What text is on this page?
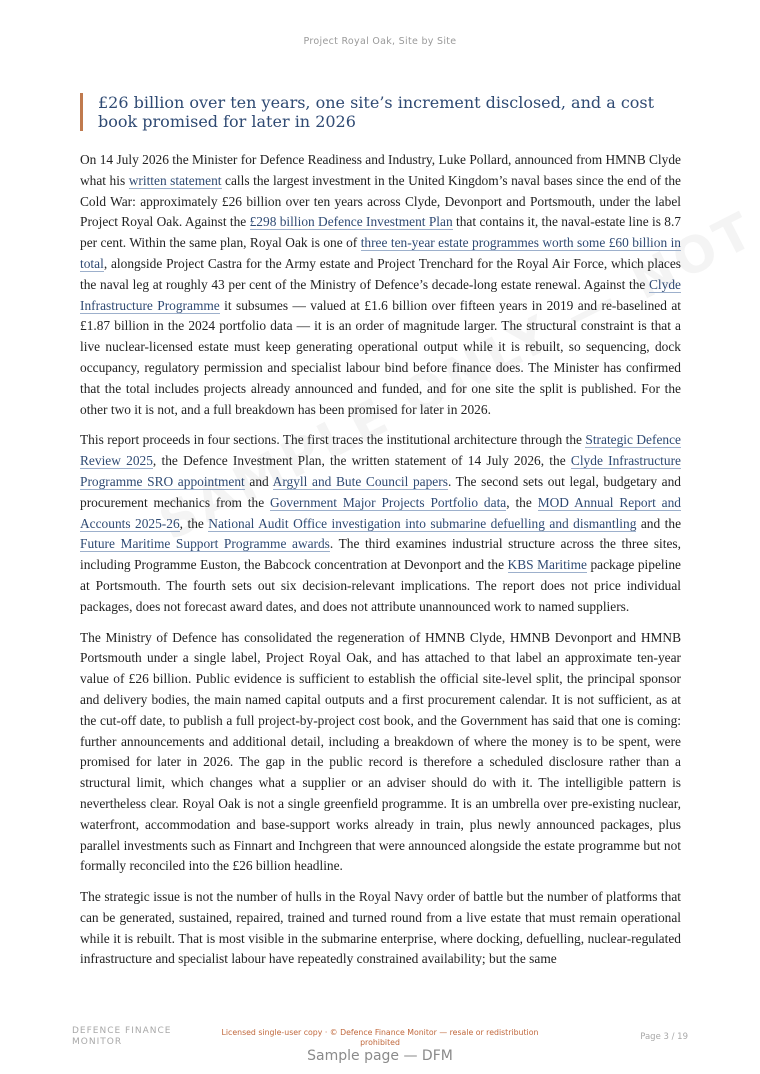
Project Royal Oak, Site by Site
£26 billion over ten years, one site’s increment disclosed, and a cost book promised for later in 2026

On 14 July 2026 the Minister for Defence Readiness and Industry, Luke Pollard, announced from HMNB Clyde what his written statement calls the largest investment in the United Kingdom’s naval bases since the end of the Cold War: approximately £26 billion over ten years across Clyde, Devonport and Portsmouth, under the label Project Royal Oak. Against the £298 billion Defence Investment Plan that contains it, the naval-estate line is 8.7 per cent. Within the same plan, Royal Oak is one of three ten-year estate programmes worth some £60 billion in total, alongside Project Castra for the Army estate and Project Trenchard for the Royal Air Force, which places the naval leg at roughly 43 per cent of the Ministry of Defence’s decade-long estate renewal. Against the Clyde Infrastructure Programme it subsumes — valued at £1.6 billion over fifteen years in 2019 and re-baselined at £1.87 billion in the 2024 portfolio data — it is an order of magnitude larger. The structural constraint is that a live nuclear-licensed estate must keep generating operational output while it is rebuilt, so sequencing, dock occupancy, regulatory permission and specialist labour bind before finance does. The Minister has confirmed that the total includes projects already announced and funded, and for one site the split is published. For the other two it is not, and a full breakdown has been promised for later in 2026.

This report proceeds in four sections. The first traces the institutional architecture through the Strategic Defence Review 2025, the Defence Investment Plan, the written statement of 14 July 2026, the Clyde Infrastructure Programme SRO appointment and Argyll and Bute Council papers. The second sets out legal, budgetary and procurement mechanics from the Government Major Projects Portfolio data, the MOD Annual Report and Accounts 2025-26, the National Audit Office investigation into submarine defuelling and dismantling and the Future Maritime Support Programme awards. The third examines industrial structure across the three sites, including Programme Euston, the Babcock concentration at Devonport and the KBS Maritime package pipeline at Portsmouth. The fourth sets out six decision-relevant implications. The report does not price individual packages, does not forecast award dates, and does not attribute unannounced work to named suppliers.

The Ministry of Defence has consolidated the regeneration of HMNB Clyde, HMNB Devonport and HMNB Portsmouth under a single label, Project Royal Oak, and has attached to that label an approximate ten-year value of £26 billion. Public evidence is sufficient to establish the official site-level split, the principal sponsor and delivery bodies, the main named capital outputs and a first procurement calendar. It is not sufficient, as at the cut-off date, to publish a full project-by-project cost book, and the Government has said that one is coming: further announcements and additional detail, including a breakdown of where the money is to be spent, were promised for later in 2026. The gap in the public record is therefore a scheduled disclosure rather than a structural limit, which changes what a supplier or an adviser should do with it. The intelligible pattern is nevertheless clear. Royal Oak is not a single greenfield programme. It is an umbrella over pre-existing nuclear, waterfront, accommodation and base-support works already in train, plus newly announced packages, plus parallel investments such as Finnart and Inchgreen that were announced alongside the estate programme but not formally reconciled into the £26 billion headline.

The strategic issue is not the number of hulls in the Royal Navy order of battle but the number of platforms that can be generated, sustained, repaired, trained and turned round from a live estate that must remain operational while it is rebuilt. That is most visible in the submarine enterprise, where docking, defuelling, nuclear-regulated infrastructure and specialist labour have repeatedly constrained availability; but the same

DEFENCE FINANCE
MONITOR
Licensed single-user copy · © Defence Finance Monitor — resale or redistribution
prohibited
Page 3 / 19
Sample page — DFM
